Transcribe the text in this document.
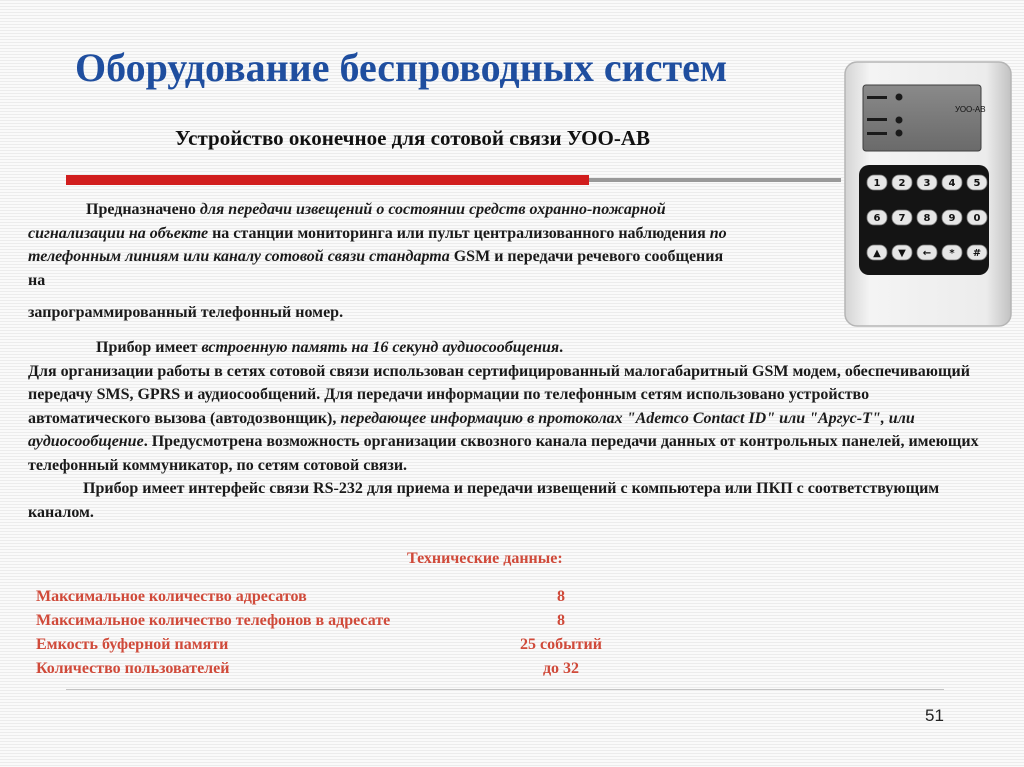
Оборудование беспроводных систем
Устройство оконечное для сотовой связи УОО-АВ
Предназначено для передачи извещений о состоянии средств охранно-пожарной сигнализации на объекте на станции мониторинга или пульт централизованного наблюдения по телефонным линиям или каналу сотовой связи стандарта GSM и передачи речевого сообщения на
запрограммированный телефонный номер.
Прибор имеет встроенную память на 16 секунд аудиосообщения.
Для организации работы в сетях сотовой связи использован сертифицированный малогабаритный GSM модем, обеспечивающий передачу SMS, GPRS и аудиосообщений. Для передачи информации по телефонным сетям использовано устройство автоматического вызова (автодозвонщик), передающее информацию в протоколах "Ademco Contact ID" или "Аргус-Т", или аудиосообщение. Предусмотрена возможность организации сквозного канала передачи данных от контрольных панелей, имеющих телефонный коммуникатор, по сетям сотовой связи.
Прибор имеет интерфейс связи RS-232 для приема и передачи извещений с компьютера или ПКП с соответствующим каналом.
Технические данные:
Максимальное количество адресатов	8
Максимальное количество телефонов в адресате	8
Емкость буферной памяти	25 событий
Количество пользователей	до 32
51
УОО-АВ
1 2 3 4 5
6 7 8 9 0
▲ ▼ ← * #
